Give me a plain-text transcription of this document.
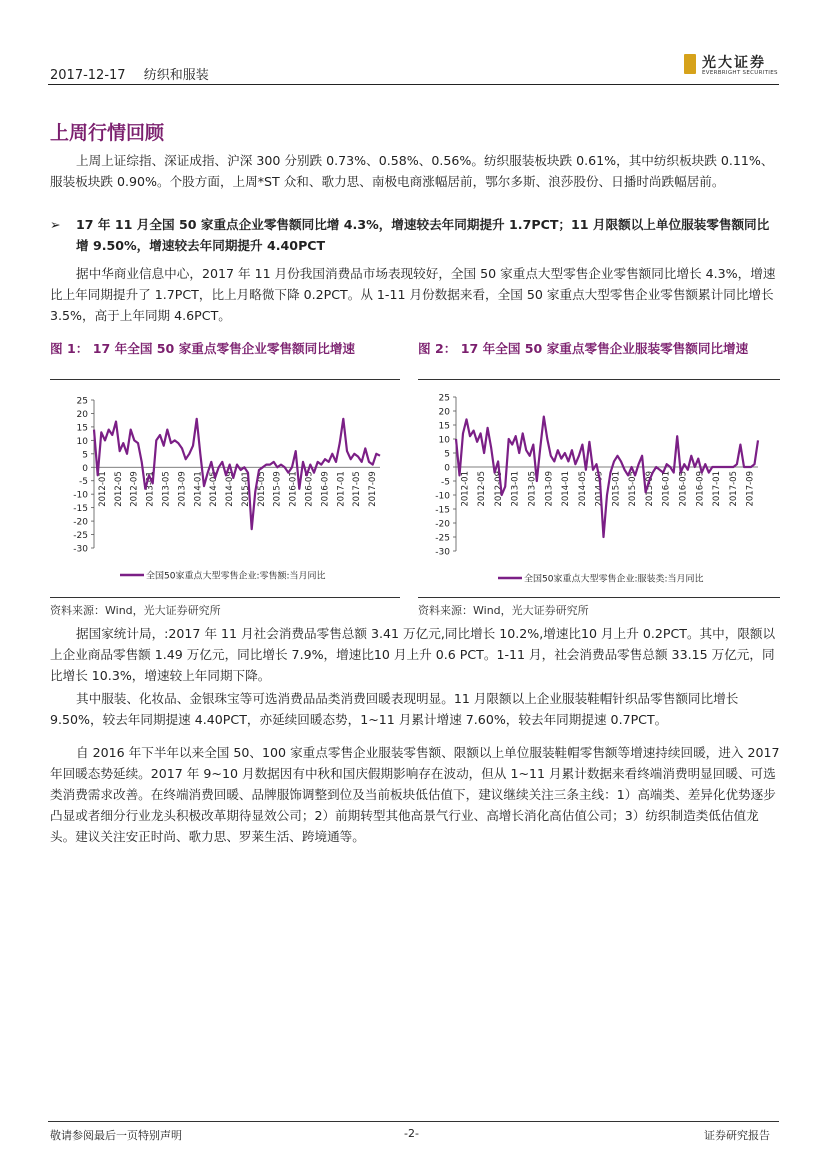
2017-12-17 纺织和服装
光大证券
EVERBRIGHT SECURITIES
上周行情回顾
上周上证综指、深证成指、沪深 300 分别跌 0.73%、0.58%、0.56%。纺织服装板块跌 0.61%，其中纺织板块跌 0.11%、服装板块跌 0.90%。个股方面，上周*ST 众和、歌力思、南极电商涨幅居前，鄂尔多斯、浪莎股份、日播时尚跌幅居前。
➢	17 年 11 月全国 50 家重点企业零售额同比增 4.3%，增速较去年同期提升 1.7PCT；11 月限额以上单位服装零售额同比增 9.50%，增速较去年同期提升 4.40PCT
据中华商业信息中心，2017 年 11 月份我国消费品市场表现较好，全国 50 家重点大型零售企业零售额同比增长 4.3%，增速比上年同期提升了 1.7PCT，比上月略微下降 0.2PCT。从 1-11 月份数据来看，全国 50 家重点大型零售企业零售额累计同比增长 3.5%，高于上年同期 4.6PCT。
图 1： 17 年全国 50 家重点零售企业零售额同比增速	图 2： 17 年全国 50 家重点零售企业服装零售额同比增速
25
20
15
10
5
0
-5
-10
-15
-20
-25
-30
2012-01 2012-05 2012-09 2013-01 2013-05 2013-09 2014-01 2014-05 2014-09 2015-01 2015-05 2015-09 2016-01 2016-05 2016-09 2017-01 2017-05 2017-09
全国50家重点大型零售企业:零售额:当月同比
25
20
15
10
5
0
-5
-10
-15
-20
-25
-30
2012-01 2012-05 2012-09 2013-01 2013-05 2013-09 2014-01 2014-05 2014-09 2015-01 2015-05 2015-09 2016-01 2016-05 2016-09 2017-01 2017-05 2017-09
全国50家重点大型零售企业:服装类:当月同比
资料来源：Wind，光大证券研究所	资料来源：Wind，光大证券研究所
据国家统计局，:2017 年 11 月社会消费品零售总额 3.41 万亿元,同比增长 10.2%,增速比10 月上升 0.2PCT。其中，限额以上企业商品零售额 1.49 万亿元，同比增长 7.9%，增速比10 月上升 0.6 PCT。1-11 月，社会消费品零售总额 33.15 万亿元，同比增长 10.3%，增速较上年同期下降。
其中服装、化妆品、金银珠宝等可选消费品品类消费回暖表现明显。11 月限额以上企业服装鞋帽针织品零售额同比增长 9.50%，较去年同期提速 4.40PCT，亦延续回暖态势，1~11 月累计增速 7.60%，较去年同期提速 0.7PCT。
自 2016 年下半年以来全国 50、100 家重点零售企业服装零售额、限额以上单位服装鞋帽零售额等增速持续回暖，进入 2017 年回暖态势延续。2017 年 9~10 月数据因有中秋和国庆假期影响存在波动，但从 1~11 月累计数据来看终端消费明显回暖、可选类消费需求改善。在终端消费回暖、品牌服饰调整到位及当前板块低估值下，建议继续关注三条主线：1）高端类、差异化优势逐步凸显或者细分行业龙头积极改革期待显效公司；2）前期转型其他高景气行业、高增长消化高估值公司；3）纺织制造类低估值龙头。建议关注安正时尚、歌力思、罗莱生活、跨境通等。
敬请参阅最后一页特别声明	-2-	证券研究报告
